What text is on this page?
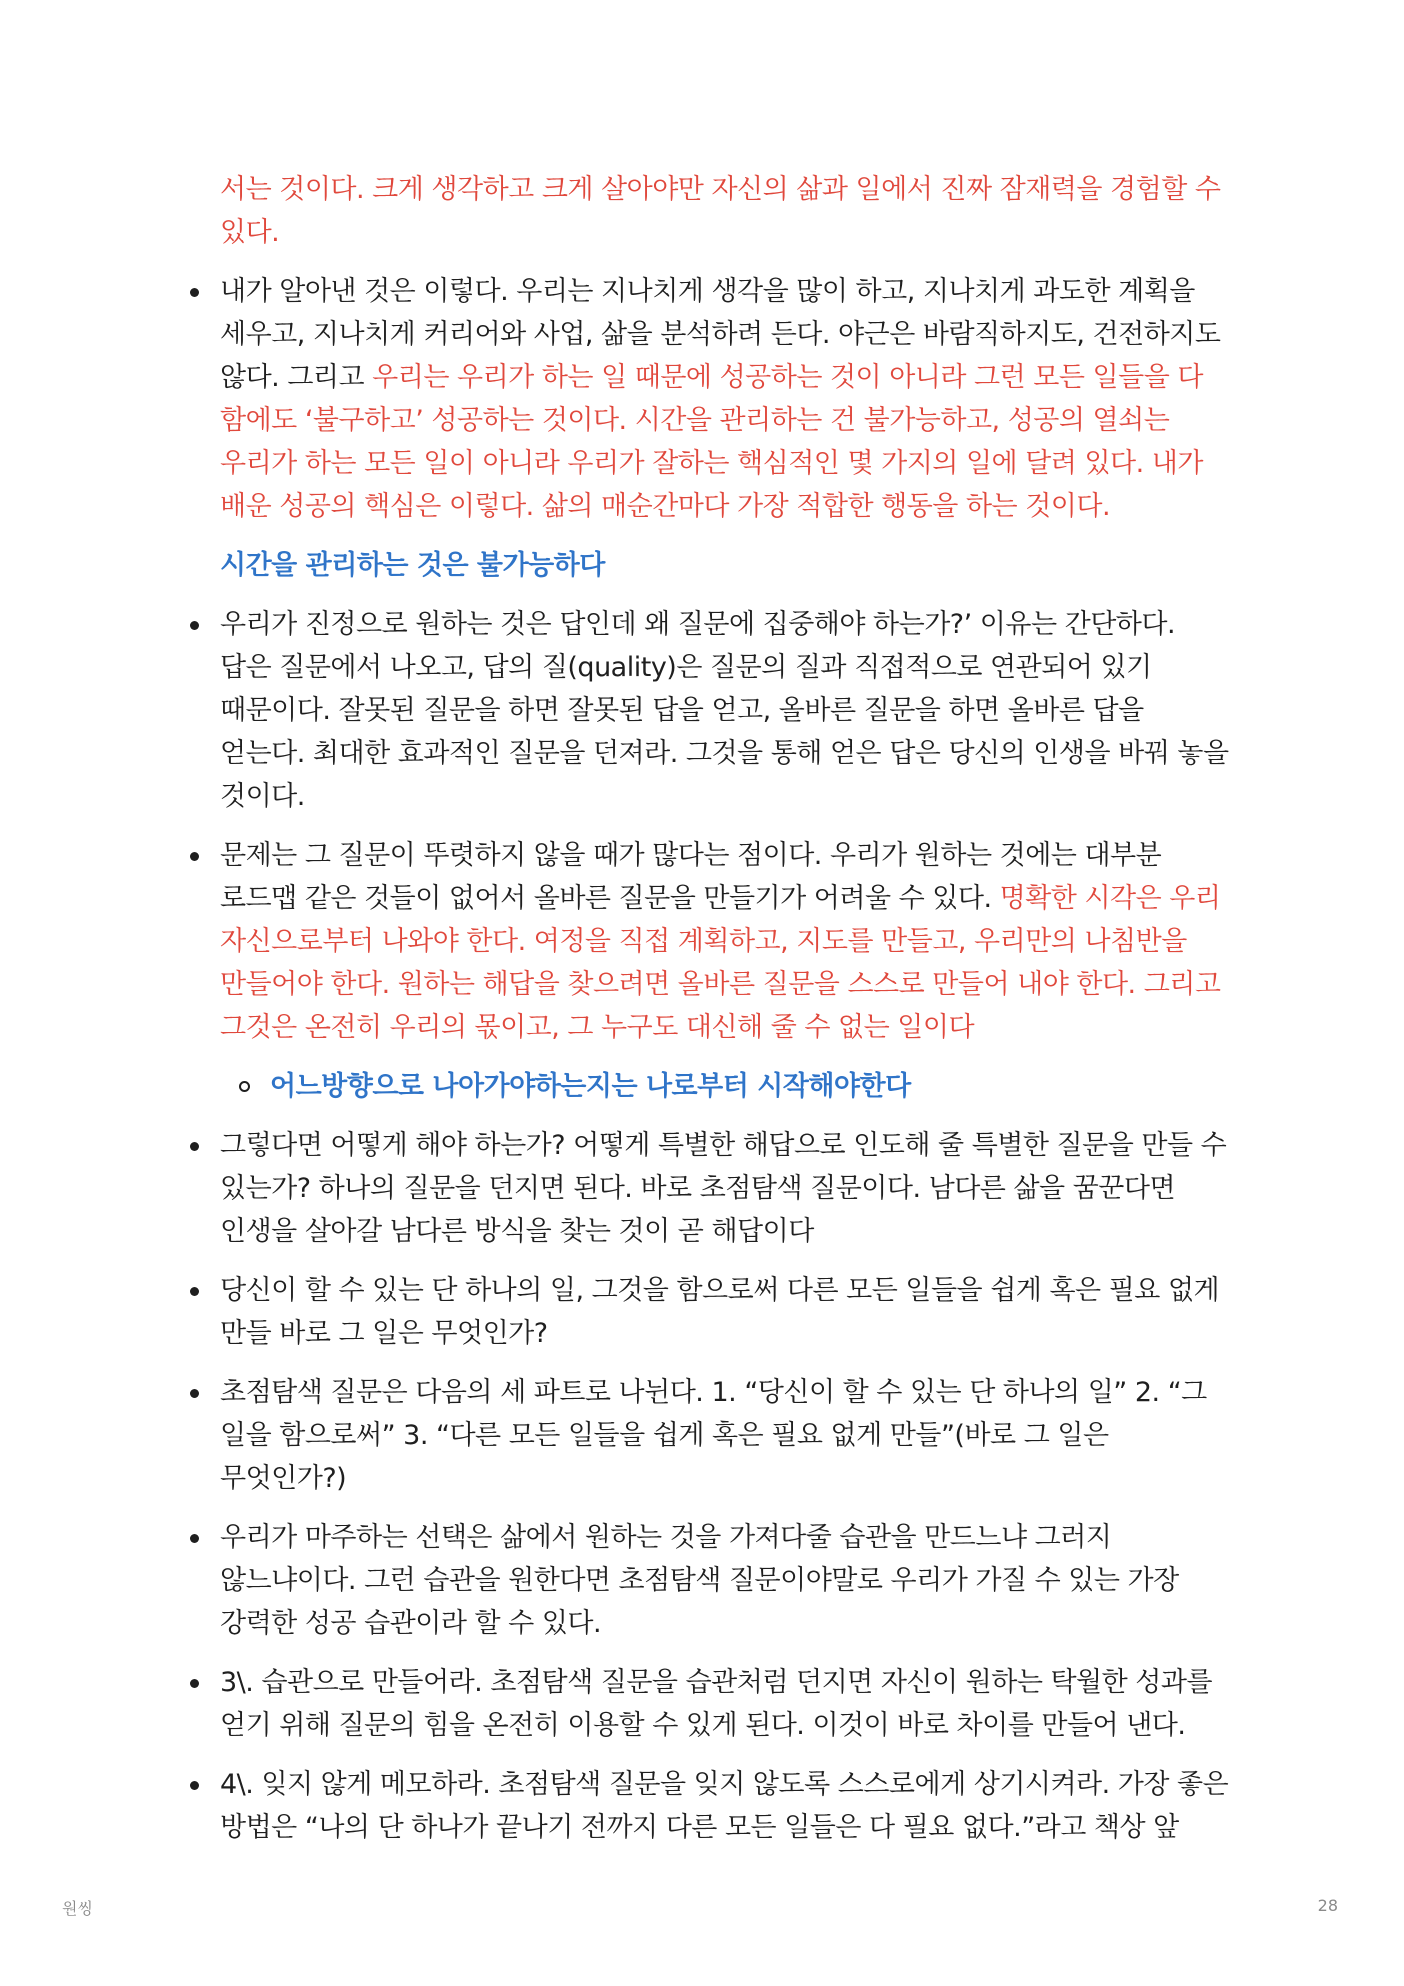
서는 것이다. 크게 생각하고 크게 살아야만 자신의 삶과 일에서 진짜 잠재력을 경험할 수 있다.

내가 알아낸 것은 이렇다. 우리는 지나치게 생각을 많이 하고, 지나치게 과도한 계획을 세우고, 지나치게 커리어와 사업, 삶을 분석하려 든다. 야근은 바람직하지도, 건전하지도 않다. 그리고 우리는 우리가 하는 일 때문에 성공하는 것이 아니라 그런 모든 일들을 다 함에도 ‘불구하고’ 성공하는 것이다. 시간을 관리하는 건 불가능하고, 성공의 열쇠는 우리가 하는 모든 일이 아니라 우리가 잘하는 핵심적인 몇 가지의 일에 달려 있다. 내가 배운 성공의 핵심은 이렇다. 삶의 매순간마다 가장 적합한 행동을 하는 것이다.

시간을 관리하는 것은 불가능하다

우리가 진정으로 원하는 것은 답인데 왜 질문에 집중해야 하는가?’ 이유는 간단하다. 답은 질문에서 나오고, 답의 질(quality)은 질문의 질과 직접적으로 연관되어 있기 때문이다. 잘못된 질문을 하면 잘못된 답을 얻고, 올바른 질문을 하면 올바른 답을 얻는다. 최대한 효과적인 질문을 던져라. 그것을 통해 얻은 답은 당신의 인생을 바꿔 놓을 것이다.

문제는 그 질문이 뚜렷하지 않을 때가 많다는 점이다. 우리가 원하는 것에는 대부분 로드맵 같은 것들이 없어서 올바른 질문을 만들기가 어려울 수 있다. 명확한 시각은 우리 자신으로부터 나와야 한다. 여정을 직접 계획하고, 지도를 만들고, 우리만의 나침반을 만들어야 한다. 원하는 해답을 찾으려면 올바른 질문을 스스로 만들어 내야 한다. 그리고 그것은 온전히 우리의 몫이고, 그 누구도 대신해 줄 수 없는 일이다

어느방향으로 나아가야하는지는 나로부터 시작해야한다

그렇다면 어떻게 해야 하는가? 어떻게 특별한 해답으로 인도해 줄 특별한 질문을 만들 수 있는가? 하나의 질문을 던지면 된다. 바로 초점탐색 질문이다. 남다른 삶을 꿈꾼다면 인생을 살아갈 남다른 방식을 찾는 것이 곧 해답이다

당신이 할 수 있는 단 하나의 일, 그것을 함으로써 다른 모든 일들을 쉽게 혹은 필요 없게 만들 바로 그 일은 무엇인가?

초점탐색 질문은 다음의 세 파트로 나뉜다. 1. “당신이 할 수 있는 단 하나의 일” 2. “그 일을 함으로써” 3. “다른 모든 일들을 쉽게 혹은 필요 없게 만들”(바로 그 일은 무엇인가?)

우리가 마주하는 선택은 삶에서 원하는 것을 가져다줄 습관을 만드느냐 그러지 않느냐이다. 그런 습관을 원한다면 초점탐색 질문이야말로 우리가 가질 수 있는 가장 강력한 성공 습관이라 할 수 있다.

3\. 습관으로 만들어라. 초점탐색 질문을 습관처럼 던지면 자신이 원하는 탁월한 성과를 얻기 위해 질문의 힘을 온전히 이용할 수 있게 된다. 이것이 바로 차이를 만들어 낸다.

4\. 잊지 않게 메모하라. 초점탐색 질문을 잊지 않도록 스스로에게 상기시켜라. 가장 좋은 방법은 “나의 단 하나가 끝나기 전까지 다른 모든 일들은 다 필요 없다.”라고 책상 앞

원씽	28
